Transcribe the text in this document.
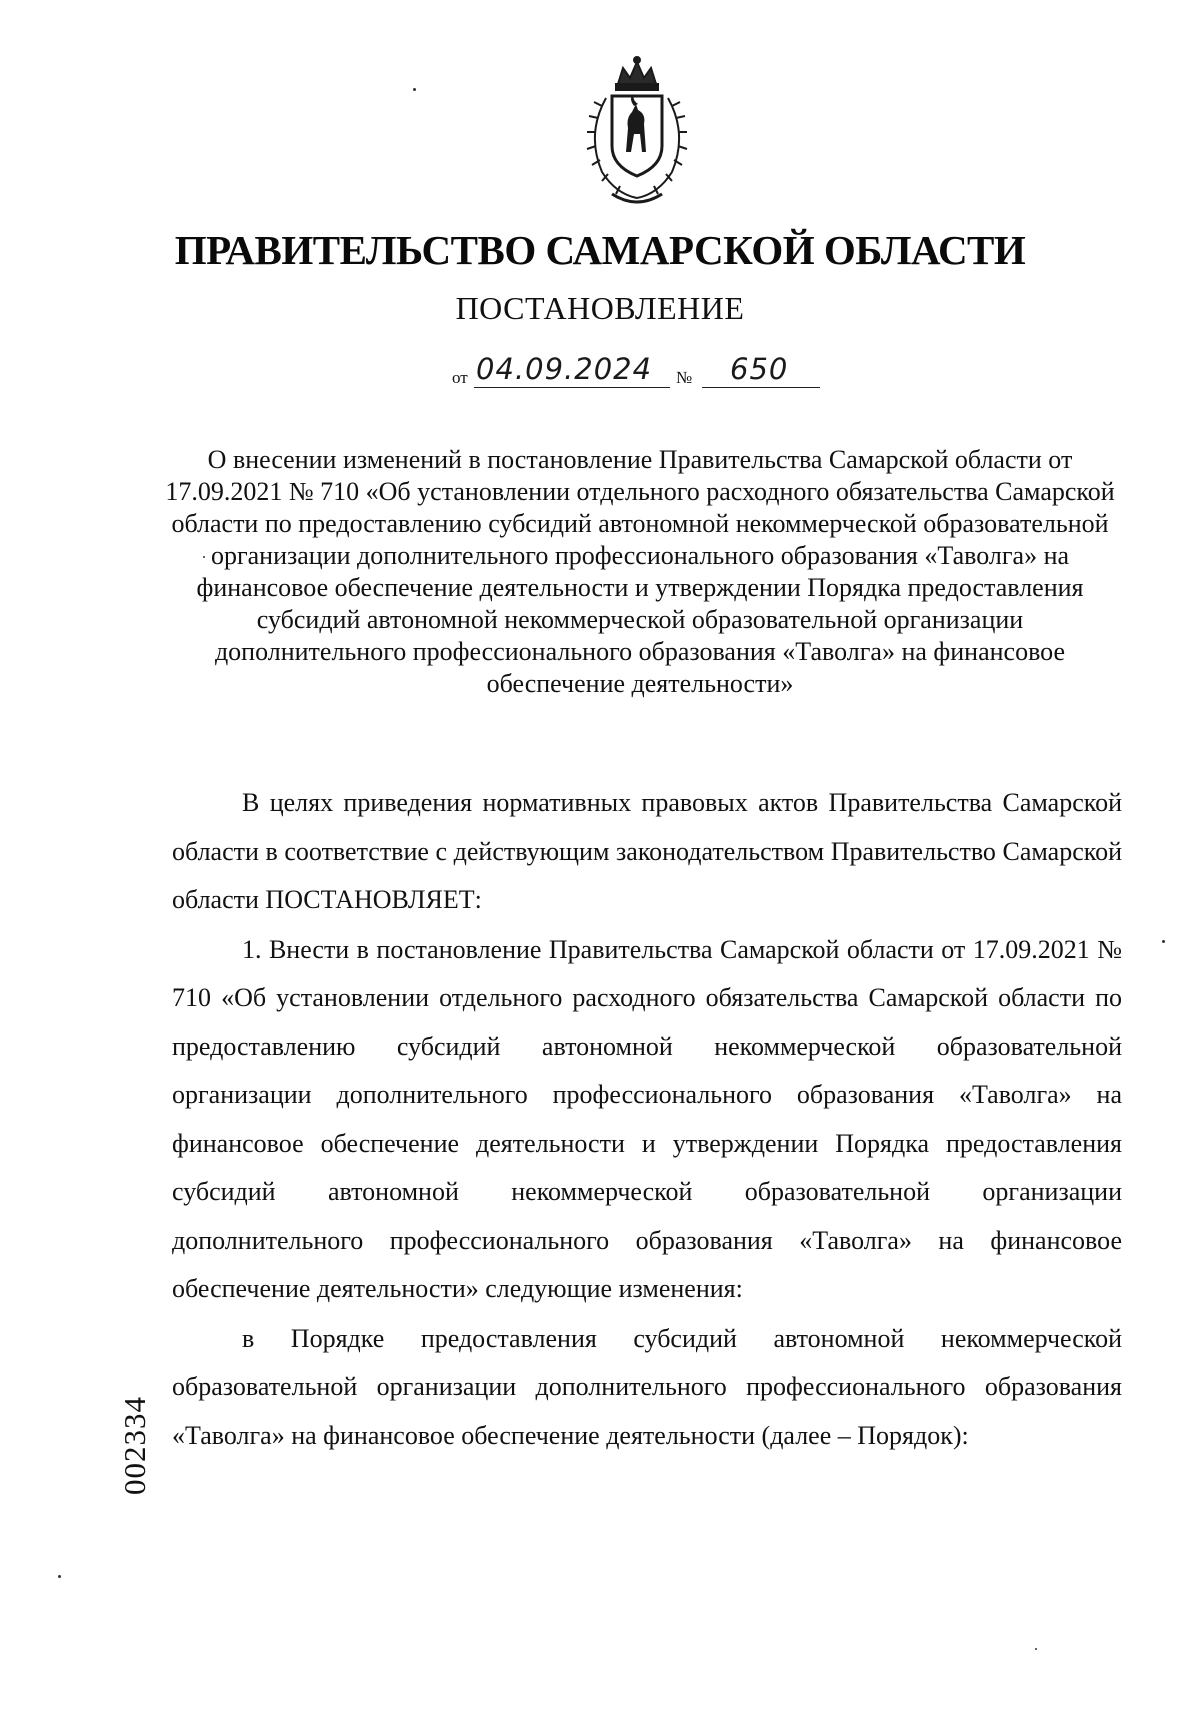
ПРАВИТЕЛЬСТВО САМАРСКОЙ ОБЛАСТИ
ПОСТАНОВЛЕНИЕ
от 04.09.2024 № 650
О внесении изменений в постановление Правительства Самарской области от 17.09.2021 № 710 «Об установлении отдельного расходного обязательства Самарской области по предоставлению субсидий автономной некоммерческой образовательной организации дополнительного профессионального образования «Таволга» на финансовое обеспечение деятельности и утверждении Порядка предоставления субсидий автономной некоммерческой образовательной организации дополнительного профессионального образования «Таволга» на финансовое обеспечение деятельности»

В целях приведения нормативных правовых актов Правительства Самарской области в соответствие с действующим законодательством Правительство Самарской области ПОСТАНОВЛЯЕТ:

1. Внести в постановление Правительства Самарской области от 17.09.2021 № 710 «Об установлении отдельного расходного обязательства Самарской области по предоставлению субсидий автономной некоммерческой образовательной организации дополнительного профессионального образования «Таволга» на финансовое обеспечение деятельности и утверждении Порядка предоставления субсидий автономной некоммерческой образовательной организации дополнительного профессионального образования «Таволга» на финансовое обеспечение деятельности» следующие изменения:

в Порядке предоставления субсидий автономной некоммерческой образовательной организации дополнительного профессионального образования «Таволга» на финансовое обеспечение деятельности (далее – Порядок):

002334
